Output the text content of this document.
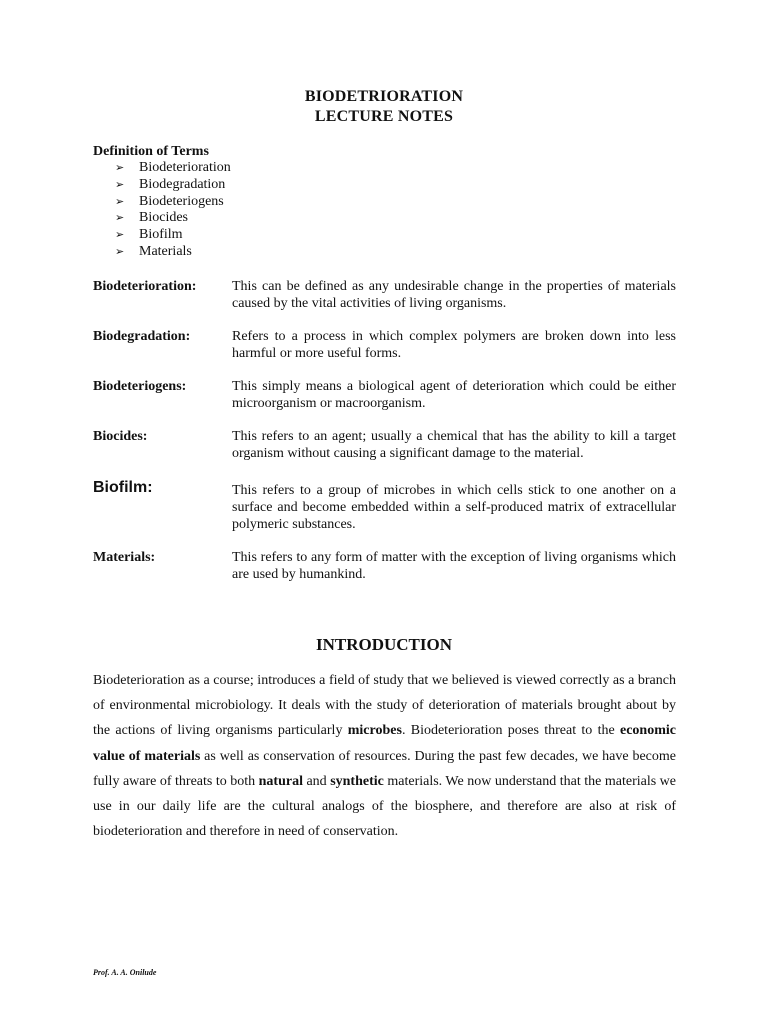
BIODETRIORATION
LECTURE NOTES
Definition of Terms
➢ Biodeterioration
➢ Biodegradation
➢ Biodeteriogens
➢ Biocides
➢ Biofilm
➢ Materials
Biodeterioration:	This can be defined as any undesirable change in the properties of materials caused by the vital activities of living organisms.
Biodegradation:	Refers to a process in which complex polymers are broken down into less harmful or more useful forms.
Biodeteriogens:	This simply means a biological agent of deterioration which could be either microorganism or macroorganism.
Biocides:	This refers to an agent; usually a chemical that has the ability to kill a target organism without causing a significant damage to the material.
Biofilm:	This refers to a group of microbes in which cells stick to one another on a surface and become embedded within a self-produced matrix of extracellular polymeric substances.
Materials:	This refers to any form of matter with the exception of living organisms which are used by humankind.
INTRODUCTION

Biodeterioration as a course; introduces a field of study that we believed is viewed correctly as a branch of environmental microbiology. It deals with the study of deterioration of materials brought about by the actions of living organisms particularly microbes. Biodeterioration poses threat to the economic value of materials as well as conservation of resources. During the past few decades, we have become fully aware of threats to both natural and synthetic materials. We now understand that the materials we use in our daily life are the cultural analogs of the biosphere, and therefore are also at risk of biodeterioration and therefore in need of conservation.

Prof. A. A. Onilude
